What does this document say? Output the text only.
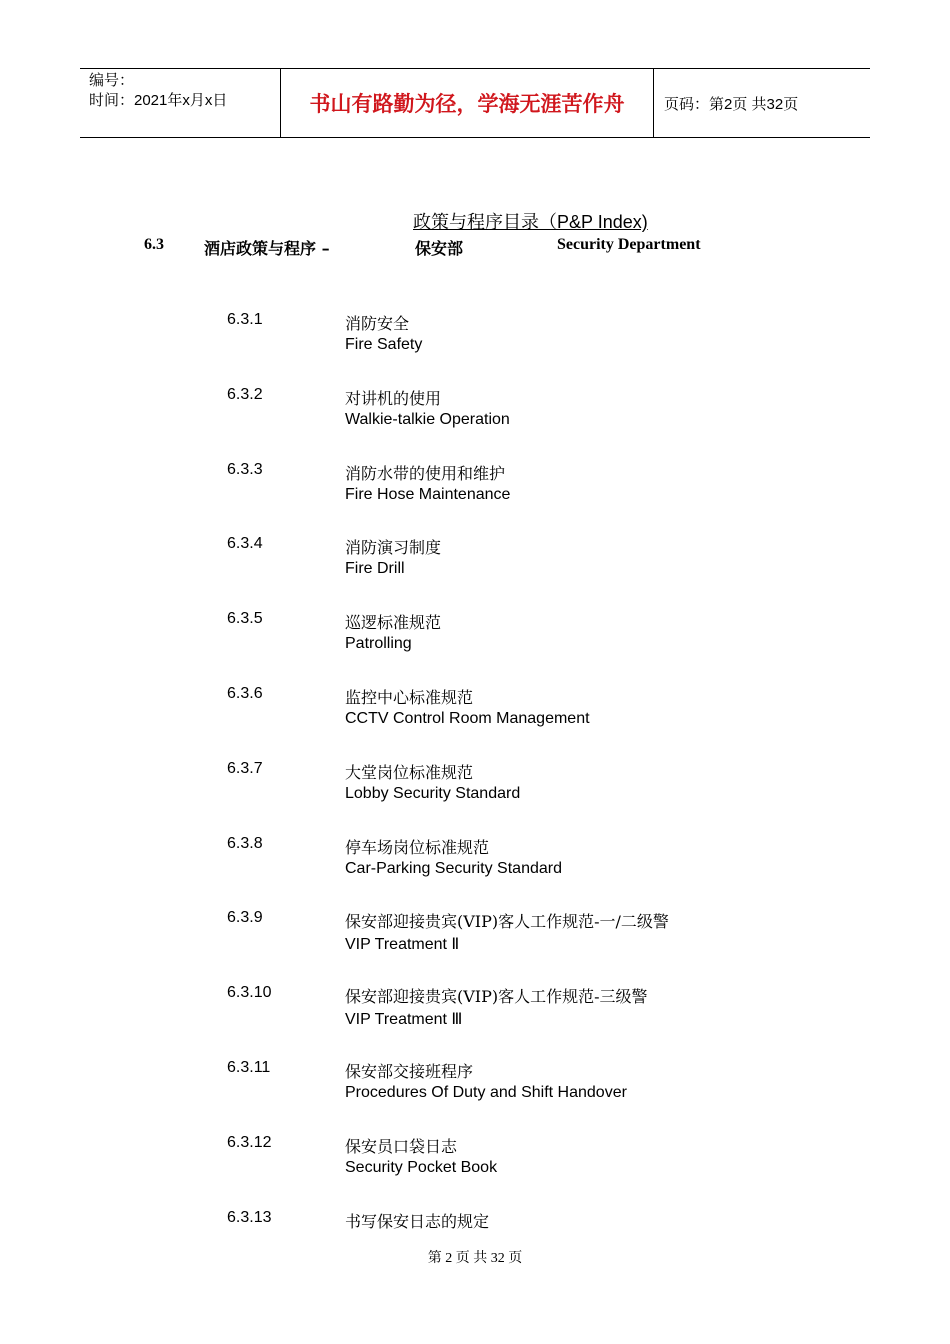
编号：
时间：2021年x月x日	书山有路勤为径，学海无涯苦作舟	页码：第2页 共32页
政策与程序目录（P&P Index)
6.3	酒店政策与程序 –	保安部	Security Department
6.3.1	消防安全
Fire Safety
6.3.2	对讲机的使用
Walkie-talkie Operation
6.3.3	消防水带的使用和维护
Fire Hose Maintenance
6.3.4	消防演习制度
Fire Drill
6.3.5	巡逻标准规范
Patrolling
6.3.6	监控中心标准规范
CCTV Control Room Management
6.3.7	大堂岗位标准规范
Lobby Security Standard
6.3.8	停车场岗位标准规范
Car-Parking Security Standard
6.3.9	保安部迎接贵宾(VIP)客人工作规范-一/二级警
VIP Treatment Ⅱ
6.3.10	保安部迎接贵宾(VIP)客人工作规范-三级警
VIP Treatment Ⅲ
6.3.11	保安部交接班程序
Procedures Of Duty and Shift Handover
6.3.12	保安员口袋日志
Security Pocket Book
6.3.13	书写保安日志的规定
第 2 页 共 32 页
